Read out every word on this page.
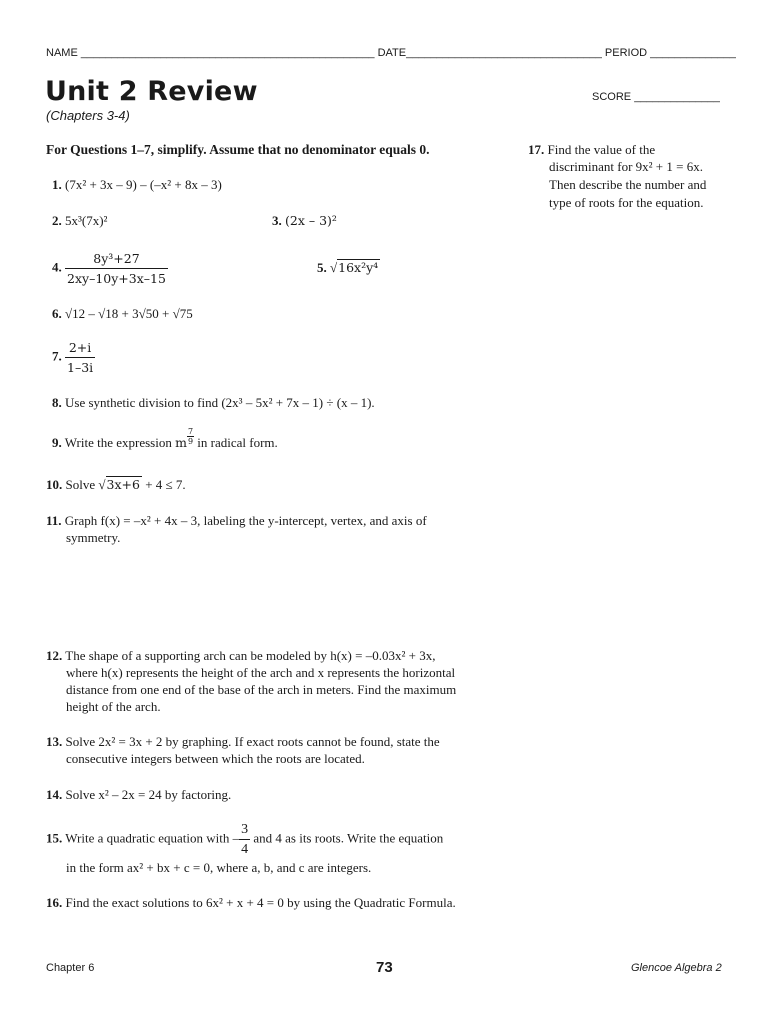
NAME ________________________________________________ DATE________________________________ PERIOD ______________
Unit 2 Review
(Chapters 3-4)
SCORE ______________
For Questions 1–7, simplify. Assume that no denominator equals 0.
1. (7x² + 3x – 9) – (–x² + 8x – 3)
2. 5x³(7x)²	3. (2x – 3)²
4. $\frac{\text{8y³+27}}{2xy-10y+3x-15}$	5. √16x²y⁴
6. √12 – √18 + 3√50 + √75
7. $\frac{2+i}{1-3i}$
8. Use synthetic division to find (2x³ – 5x² + 7x – 1) ÷ (x – 1).
9. Write the expression m $\frac{7}{9}$ in radical form.
10. Solve √3x+6 + 4 ≤ 7.
11. Graph f(x) = –x² + 4x – 3, labeling the y-intercept, vertex, and axis of
symmetry.
12. The shape of a supporting arch can be modeled by h(x) = –0.03x² + 3x,
where h(x) represents the height of the arch and x represents the horizontal
distance from one end of the base of the arch in meters. Find the maximum
height of the arch.
13. Solve 2x² = 3x + 2 by graphing. If exact roots cannot be found, state the
consecutive integers between which the roots are located.
14. Solve x² – 2x = 24 by factoring.
15. Write a quadratic equation with – $\frac{3}{4}$ and 4 as its roots. Write the equation
in the form ax² + bx + c = 0, where a, b, and c are integers.
16. Find the exact solutions to 6x² + x + 4 = 0 by using the Quadratic Formula.
17. Find the value of the
discriminant for 9x² + 1 = 6x.
Then describe the number and
type of roots for the equation.
Chapter 6	73	Glencoe Algebra 2
